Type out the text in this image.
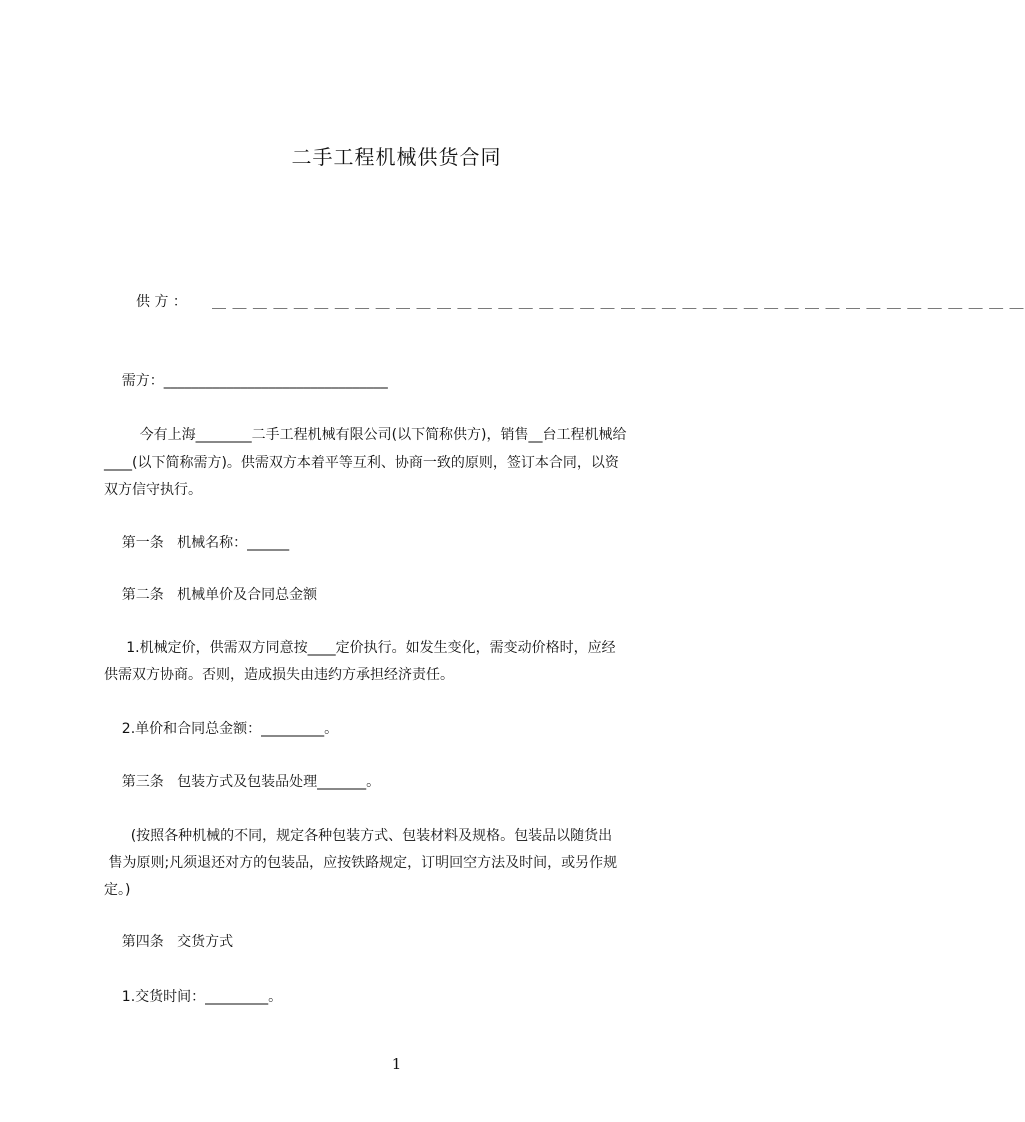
二手工程机械供货合同
供 方 ： ＿ ＿ ＿ ＿ ＿ ＿ ＿ ＿ ＿ ＿ ＿ ＿ ＿ ＿ ＿ ＿ ＿ ＿ ＿ ＿ ＿ ＿ ＿ ＿ ＿ ＿ ＿ ＿ ＿ ＿ ＿ ＿ ＿ ＿ ＿ ＿ ＿ ＿ ＿ ＿
需方：________________________________
今有上海________二手工程机械有限公司(以下简称供方)，销售__台工程机械给
____(以下简称需方)。供需双方本着平等互利、协商一致的原则，签订本合同，以资
双方信守执行。
第一条   机械名称：______
第二条   机械单价及合同总金额
1.机械定价，供需双方同意按____定价执行。如发生变化，需变动价格时，应经
供需双方协商。否则，造成损失由违约方承担经济责任。
2.单价和合同总金额：_________。
第三条   包装方式及包装品处理_______。
(按照各种机械的不同，规定各种包装方式、包装材料及规格。包装品以随货出
售为原则;凡须退还对方的包装品，应按铁路规定，订明回空方法及时间，或另作规
定。)
第四条   交货方式
1.交货时间：_________。
1
